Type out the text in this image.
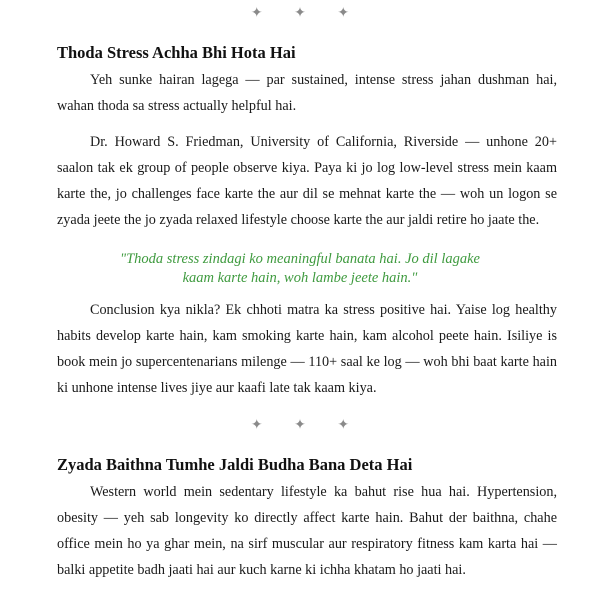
✦ ✦ ✦
Thoda Stress Achha Bhi Hota Hai

Yeh sunke hairan lagega — par sustained, intense stress jahan dushman hai, wahan thoda sa stress actually helpful hai.

Dr. Howard S. Friedman, University of California, Riverside — unhone 20+ saalon tak ek group of people observe kiya. Paya ki jo log low-level stress mein kaam karte the, jo challenges face karte the aur dil se mehnat karte the — woh un logon se zyada jeete the jo zyada relaxed lifestyle choose karte the aur jaldi retire ho jaate the.

"Thoda stress zindagi ko meaningful banata hai. Jo dil lagake
kaam karte hain, woh lambe jeete hain."

Conclusion kya nikla? Ek chhoti matra ka stress positive hai. Yaise log healthy habits develop karte hain, kam smoking karte hain, kam alcohol peete hain. Isiliye is book mein jo supercentenarians milenge — 110+ saal ke log — woh bhi baat karte hain ki unhone intense lives jiye aur kaafi late tak kaam kiya.

✦ ✦ ✦
Zyada Baithna Tumhe Jaldi Budha Bana Deta Hai

Western world mein sedentary lifestyle ka bahut rise hua hai. Hypertension, obesity — yeh sab longevity ko directly affect karte hain. Bahut der baithna, chahe office mein ho ya ghar mein, na sirf muscular aur respiratory fitness kam karta hai — balki appetite badh jaati hai aur kuch karne ki ichha khatam ho jaati hai.
